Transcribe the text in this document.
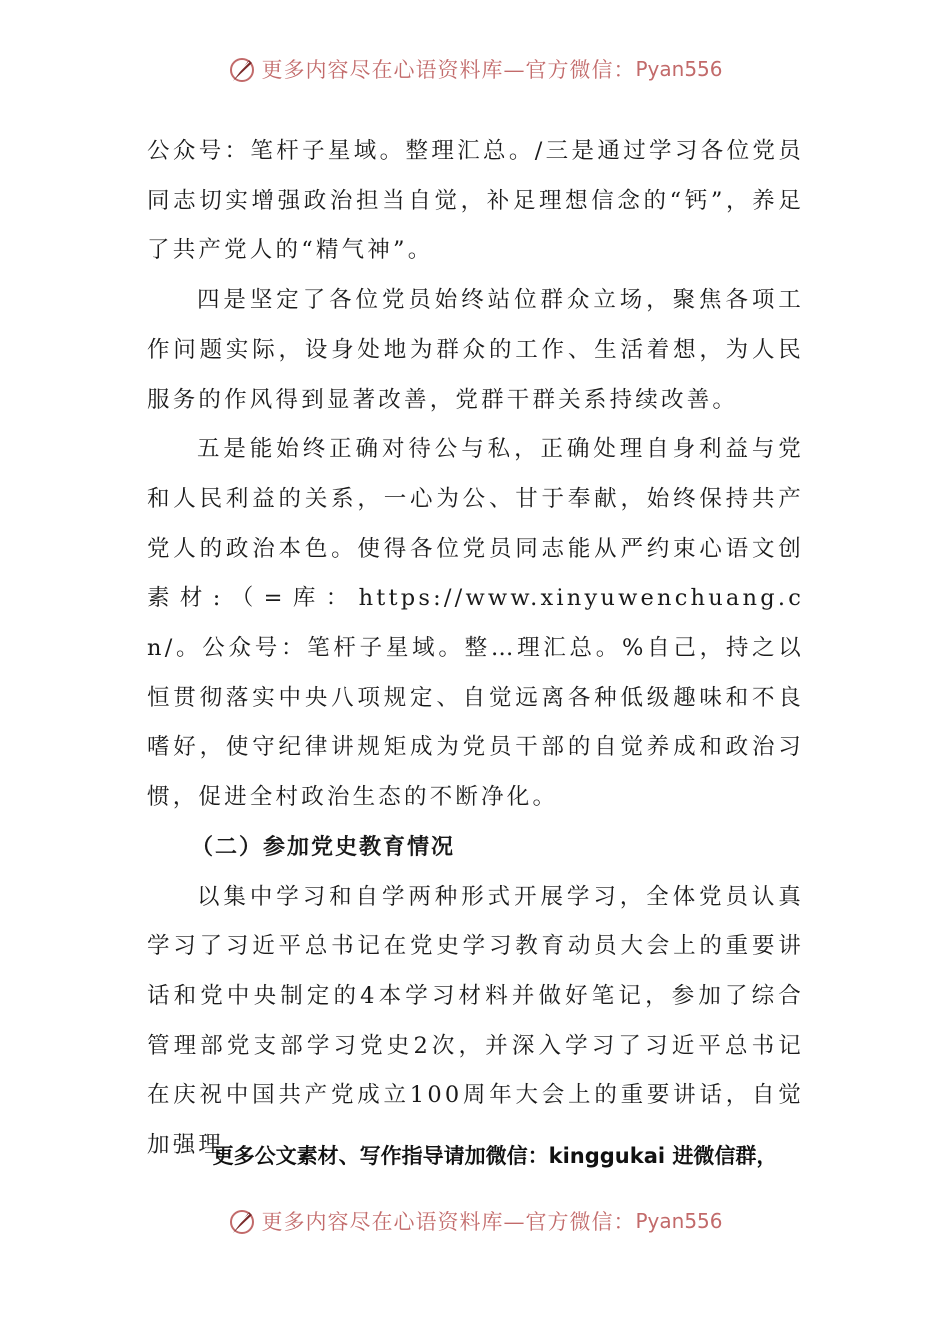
更多内容尽在心语资料库—官方微信： Pyan556

公众号：笔杆子星域。整理汇总。/三是通过学习各位党员同志切实增强政治担当自觉，补足理想信念的“钙”，养足了共产党人的“精气神”。

四是坚定了各位党员始终站位群众立场，聚焦各项工作问题实际，设身处地为群众的工作、生活着想，为人民服务的作风得到显著改善，党群干群关系持续改善。

五是能始终正确对待公与私，正确处理自身利益与党和人民利益的关系，一心为公、甘于奉献，始终保持共产党人的政治本色。使得各位党员同志能从严约束心语文创素材:（=库：https://www.xinyuwenchuang.cn/。公众号：笔杆子星域。整…理汇总。%自己，持之以恒贯彻落实中央八项规定、自觉远离各种低级趣味和不良嗜好，使守纪律讲规矩成为党员干部的自觉养成和政治习惯，促进全村政治生态的不断净化。

（二）参加党史教育情况

以集中学习和自学两种形式开展学习，全体党员认真学习了习近平总书记在党史学习教育动员大会上的重要讲话和党中央制定的4本学习材料并做好笔记，参加了综合管理部党支部学习党史2次，并深入学习了习近平总书记在庆祝中国共产党成立100周年大会上的重要讲话，自觉加强理

更多公文素材、写作指导请加微信：kinggukai 进微信群，
更多内容尽在心语资料库—官方微信： Pyan556
